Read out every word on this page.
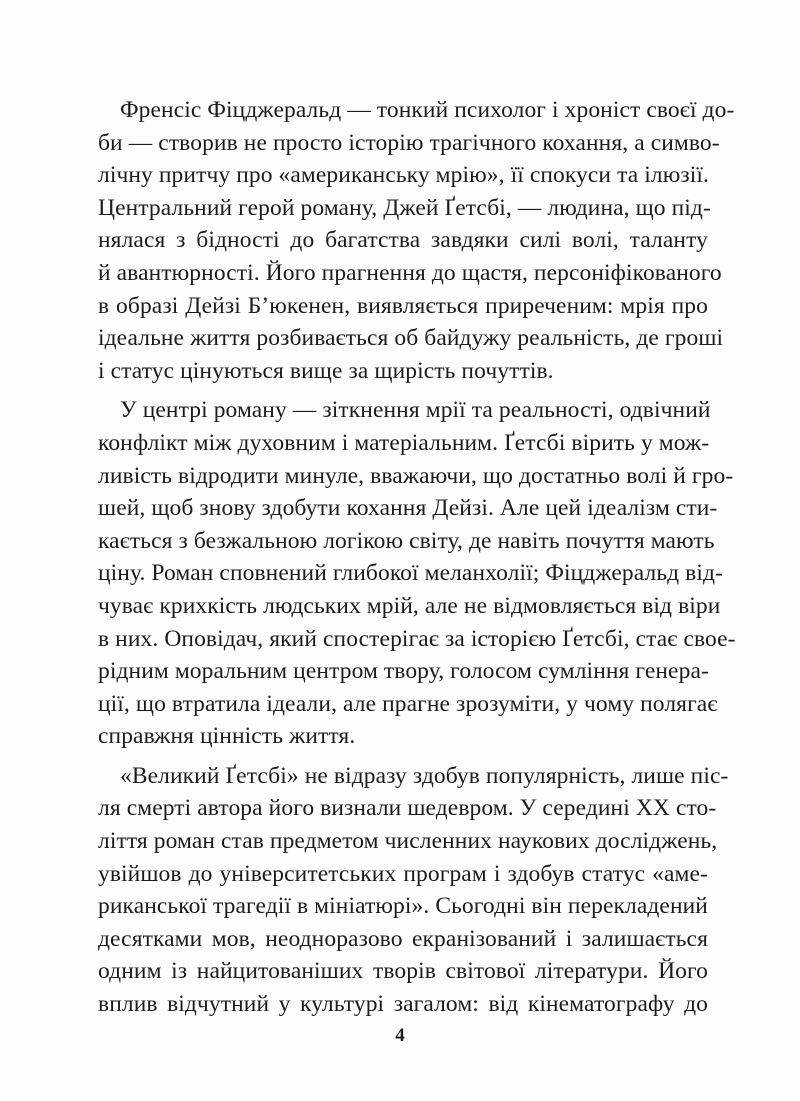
Френсіс Фіцджеральд — тонкий психолог і хроніст своєї до-
би — створив не просто історію трагічного кохання, а симво-
лічну притчу про «американську мрію», її спокуси та ілюзії.
Центральний герой роману, Джей Ґетсбі, — людина, що під-
нялася з бідності до багатства завдяки силі волі, таланту
й авантюрності. Його прагнення до щастя, персоніфікованого
в образі Дейзі Б’юкенен, виявляється приреченим: мрія про
ідеальне життя розбивається об байдужу реальність, де гроші
і статус цінуються вище за щирість почуттів.
У центрі роману — зіткнення мрії та реальності, одвічний
конфлікт між духовним і матеріальним. Ґетсбі вірить у мож-
ливість відродити минуле, вважаючи, що достатньо волі й гро-
шей, щоб знову здобути кохання Дейзі. Але цей ідеалізм сти-
кається з безжальною логікою світу, де навіть почуття мають
ціну. Роман сповнений глибокої меланхолії; Фіцджеральд від-
чуває крихкість людських мрій, але не відмовляється від віри
в них. Оповідач, який спостерігає за історією Ґетсбі, стає свое-
рідним моральним центром твору, голосом сумління генера-
ції, що втратила ідеали, але прагне зрозуміти, у чому полягає
справжня цінність життя.
«Великий Ґетсбі» не відразу здобув популярність, лише піс-
ля смерті автора його визнали шедевром. У середині XX сто-
ліття роман став предметом численних наукових досліджень,
увійшов до університетських програм і здобув статус «аме-
риканської трагедії в мініатюрі». Сьогодні він перекладений
десятками мов, неодноразово екранізований і залишається
одним із найцитованіших творів світової літератури. Його
вплив відчутний у культурі загалом: від кінематографу до
4
